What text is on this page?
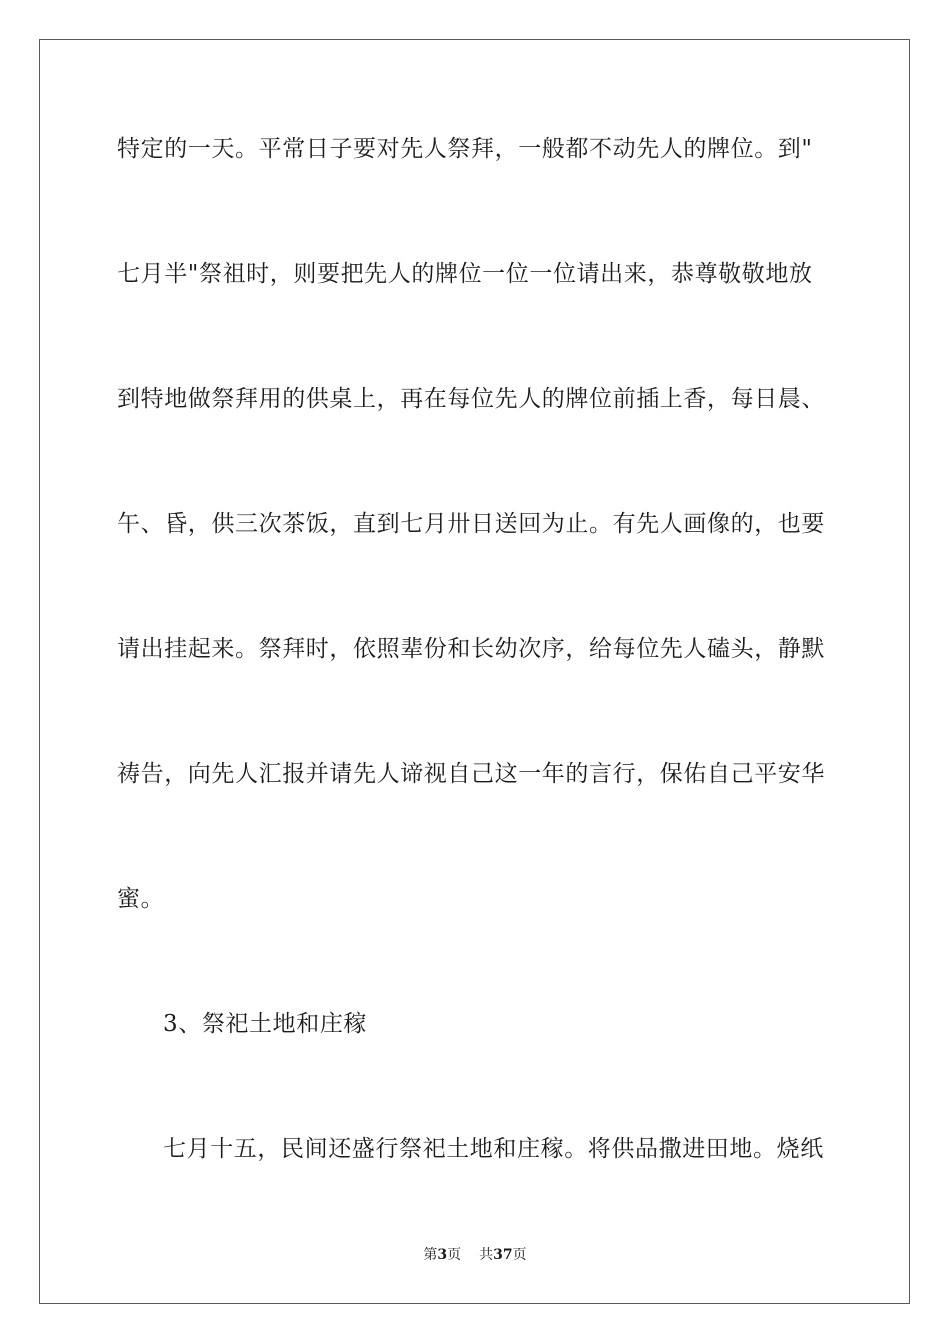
特定的一天。平常日子要对先人祭拜，一般都不动先人的牌位。到"
七月半"祭祖时，则要把先人的牌位一位一位请出来，恭尊敬敬地放
到特地做祭拜用的供桌上，再在每位先人的牌位前插上香，每日晨、
午、昏，供三次茶饭，直到七月卅日送回为止。有先人画像的，也要
请出挂起来。祭拜时，依照辈份和长幼次序，给每位先人磕头，静默
祷告，向先人汇报并请先人谛视自己这一年的言行，保佑自己平安华
蜜。
3、祭祀土地和庄稼
七月十五，民间还盛行祭祀土地和庄稼。将供品撒进田地。烧纸
第3页 共37页
